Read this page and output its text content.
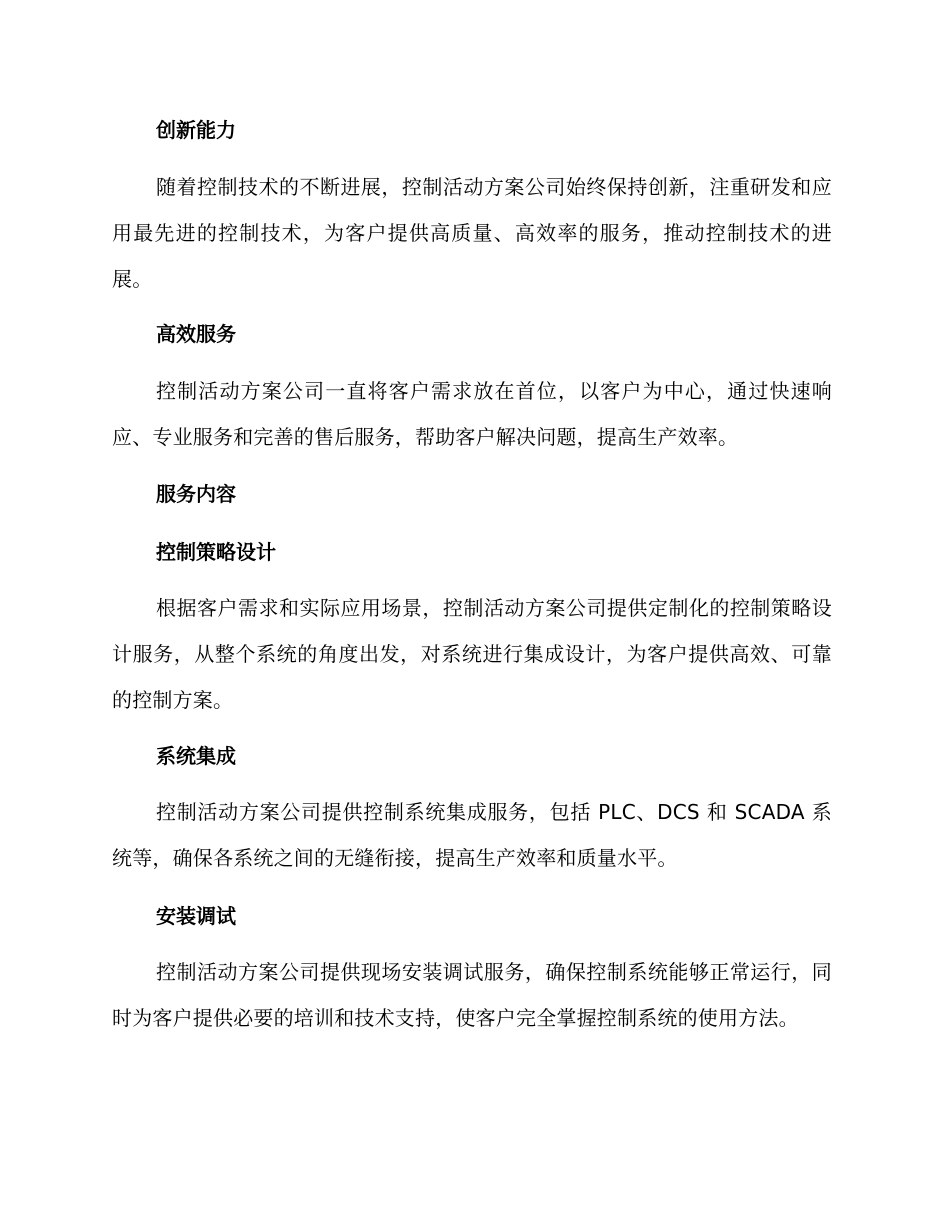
创新能力
随着控制技术的不断进展，控制活动方案公司始终保持创新，注重研发和应用最先进的控制技术，为客户提供高质量、高效率的服务，推动控制技术的进展。
高效服务
控制活动方案公司一直将客户需求放在首位，以客户为中心，通过快速响应、专业服务和完善的售后服务，帮助客户解决问题，提高生产效率。
服务内容
控制策略设计
根据客户需求和实际应用场景，控制活动方案公司提供定制化的控制策略设计服务，从整个系统的角度出发，对系统进行集成设计，为客户提供高效、可靠的控制方案。
系统集成
控制活动方案公司提供控制系统集成服务，包括 PLC、DCS 和 SCADA 系统等，确保各系统之间的无缝衔接，提高生产效率和质量水平。
安装调试
控制活动方案公司提供现场安装调试服务，确保控制系统能够正常运行，同时为客户提供必要的培训和技术支持，使客户完全掌握控制系统的使用方法。
